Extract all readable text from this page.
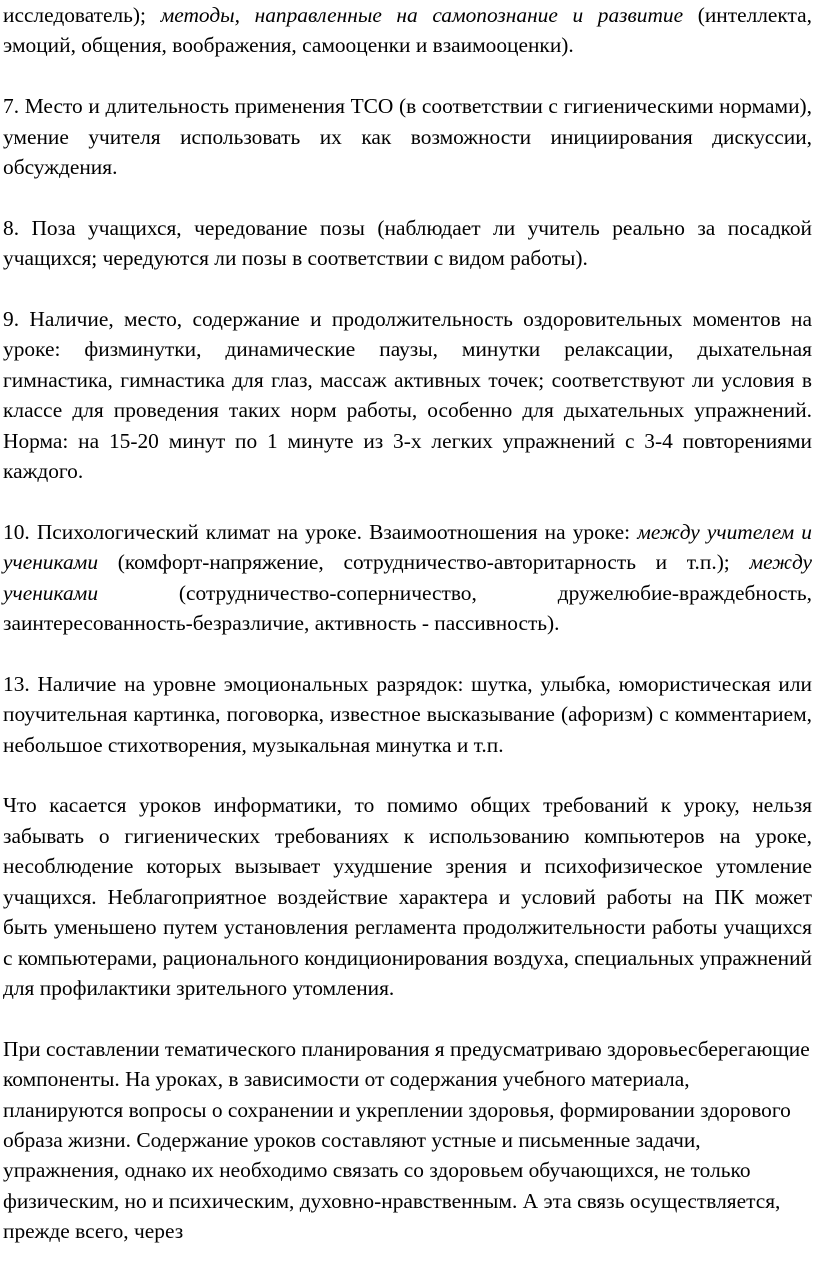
исследователь); методы, направленные на самопознание и развитие (интеллекта, эмоций, общения, воображения, самооценки и взаимооценки).

7. Место и длительность применения ТСО (в соответствии с гигиеническими нормами), умение учителя использовать их как возможности инициирования дискуссии, обсуждения.

8. Поза учащихся, чередование позы (наблюдает ли учитель реально за посадкой учащихся; чередуются ли позы в соответствии с видом работы).

9. Наличие, место, содержание и продолжительность оздоровительных моментов на уроке: физминутки, динамические паузы, минутки релаксации, дыхательная гимнастика, гимнастика для глаз, массаж активных точек; соответствуют ли условия в классе для проведения таких норм работы, особенно для дыхательных упражнений. Норма: на 15-20 минут по 1 минуте из 3-х легких упражнений с 3-4 повторениями каждого.

10. Психологический климат на уроке. Взаимоотношения на уроке: между учителем и учениками (комфорт-напряжение, сотрудничество-авторитарность и т.п.); между учениками (сотрудничество-соперничество, дружелюбие-враждебность, заинтересованность-безразличие, активность - пассивность).

13. Наличие на уровне эмоциональных разрядок: шутка, улыбка, юмористическая или поучительная картинка, поговорка, известное высказывание (афоризм) с комментарием, небольшое стихотворения, музыкальная минутка и т.п.

Что касается уроков информатики, то помимо общих требований к уроку, нельзя забывать о гигиенических требованиях к использованию компьютеров на уроке, несоблюдение которых вызывает ухудшение зрения и психофизическое утомление учащихся. Неблагоприятное воздействие характера и условий работы на ПК может быть уменьшено путем установления регламента продолжительности работы учащихся с компьютерами, рационального кондиционирования воздуха, специальных упражнений для профилактики зрительного утомления.

При составлении тематического планирования я предусматриваю здоровьесберегающие компоненты. На уроках, в зависимости от содержания учебного материала, планируются вопросы о сохранении и укреплении здоровья, формировании здорового образа жизни. Содержание уроков составляют устные и письменные задачи, упражнения, однако их необходимо связать со здоровьем обучающихся, не только физическим, но и психическим, духовно-нравственным. А эта связь осуществляется, прежде всего, через
